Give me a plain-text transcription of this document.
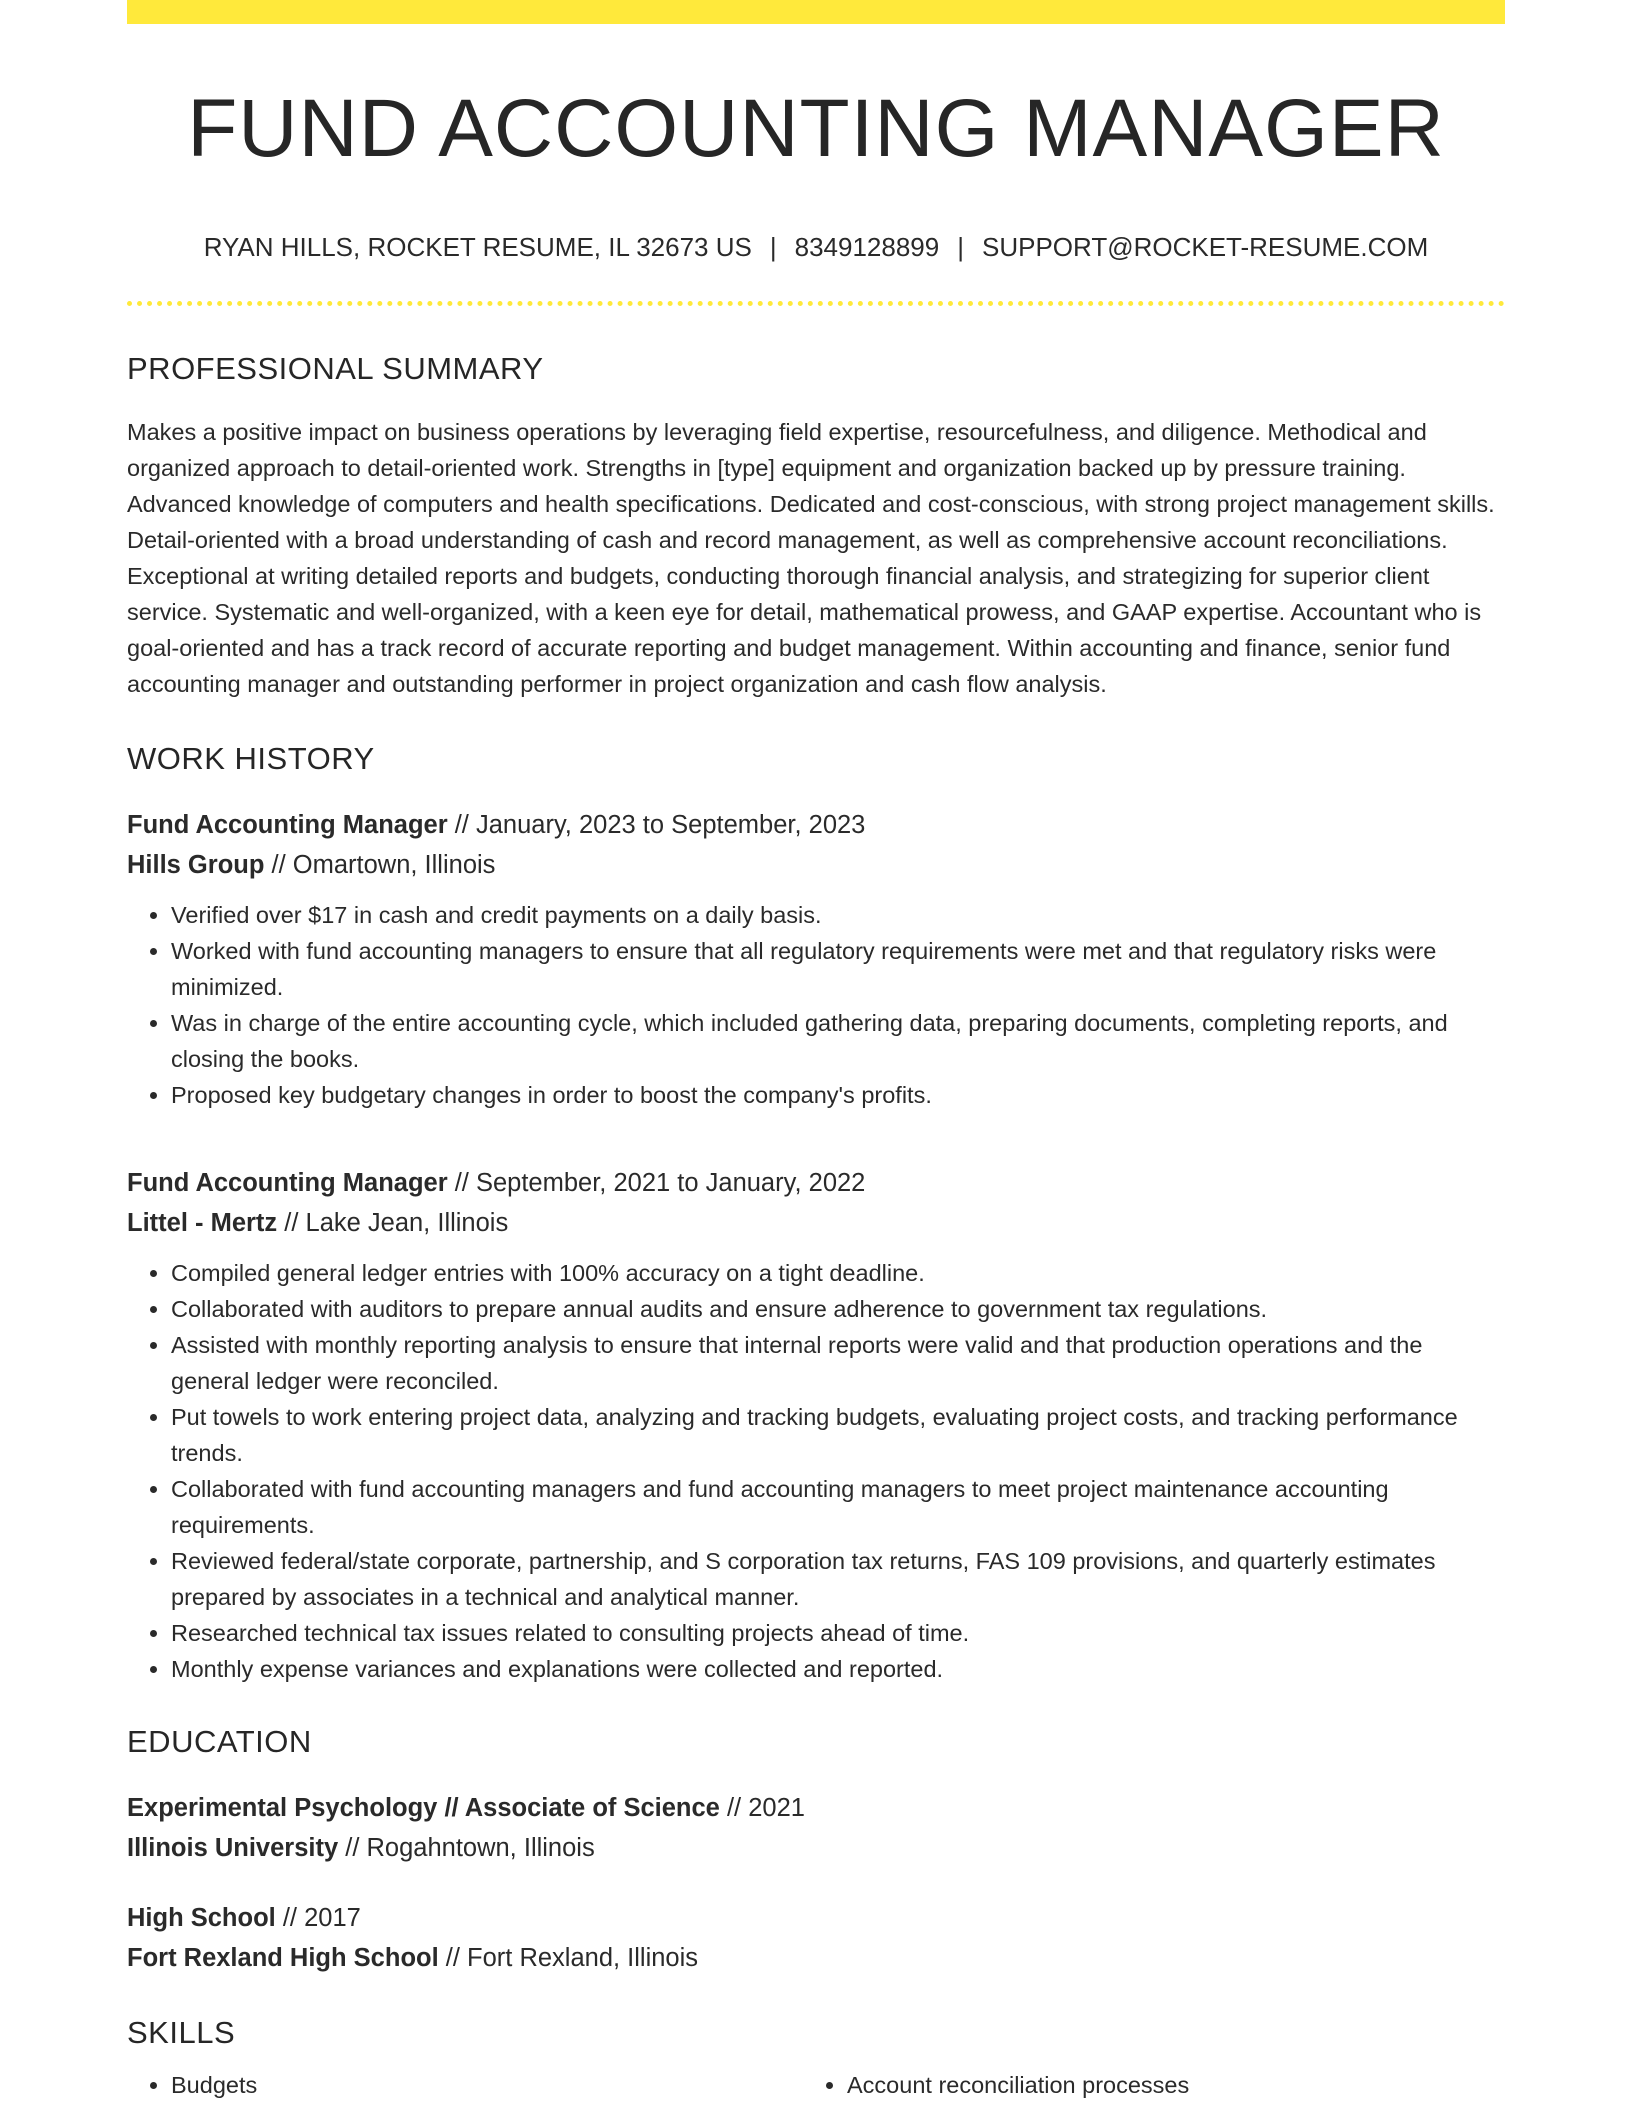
FUND ACCOUNTING MANAGER
RYAN HILLS, ROCKET RESUME, IL 32673 US | 8349128899 | SUPPORT@ROCKET-RESUME.COM
PROFESSIONAL SUMMARY
Makes a positive impact on business operations by leveraging field expertise, resourcefulness, and diligence. Methodical and organized approach to detail-oriented work. Strengths in [type] equipment and organization backed up by pressure training. Advanced knowledge of computers and health specifications. Dedicated and cost-conscious, with strong project management skills. Detail-oriented with a broad understanding of cash and record management, as well as comprehensive account reconciliations. Exceptional at writing detailed reports and budgets, conducting thorough financial analysis, and strategizing for superior client service. Systematic and well-organized, with a keen eye for detail, mathematical prowess, and GAAP expertise. Accountant who is goal-oriented and has a track record of accurate reporting and budget management. Within accounting and finance, senior fund accounting manager and outstanding performer in project organization and cash flow analysis.
WORK HISTORY
Fund Accounting Manager // January, 2023 to September, 2023
Hills Group // Omartown, Illinois
• Verified over $17 in cash and credit payments on a daily basis.
• Worked with fund accounting managers to ensure that all regulatory requirements were met and that regulatory risks were minimized.
• Was in charge of the entire accounting cycle, which included gathering data, preparing documents, completing reports, and closing the books.
• Proposed key budgetary changes in order to boost the company's profits.
Fund Accounting Manager // September, 2021 to January, 2022
Littel - Mertz // Lake Jean, Illinois
• Compiled general ledger entries with 100% accuracy on a tight deadline.
• Collaborated with auditors to prepare annual audits and ensure adherence to government tax regulations.
• Assisted with monthly reporting analysis to ensure that internal reports were valid and that production operations and the general ledger were reconciled.
• Put towels to work entering project data, analyzing and tracking budgets, evaluating project costs, and tracking performance trends.
• Collaborated with fund accounting managers and fund accounting managers to meet project maintenance accounting requirements.
• Reviewed federal/state corporate, partnership, and S corporation tax returns, FAS 109 provisions, and quarterly estimates prepared by associates in a technical and analytical manner.
• Researched technical tax issues related to consulting projects ahead of time.
• Monthly expense variances and explanations were collected and reported.
EDUCATION
Experimental Psychology // Associate of Science // 2021
Illinois University // Rogahntown, Illinois
High School // 2017
Fort Rexland High School // Fort Rexland, Illinois
SKILLS
• Budgets
•	Account reconciliation processes
